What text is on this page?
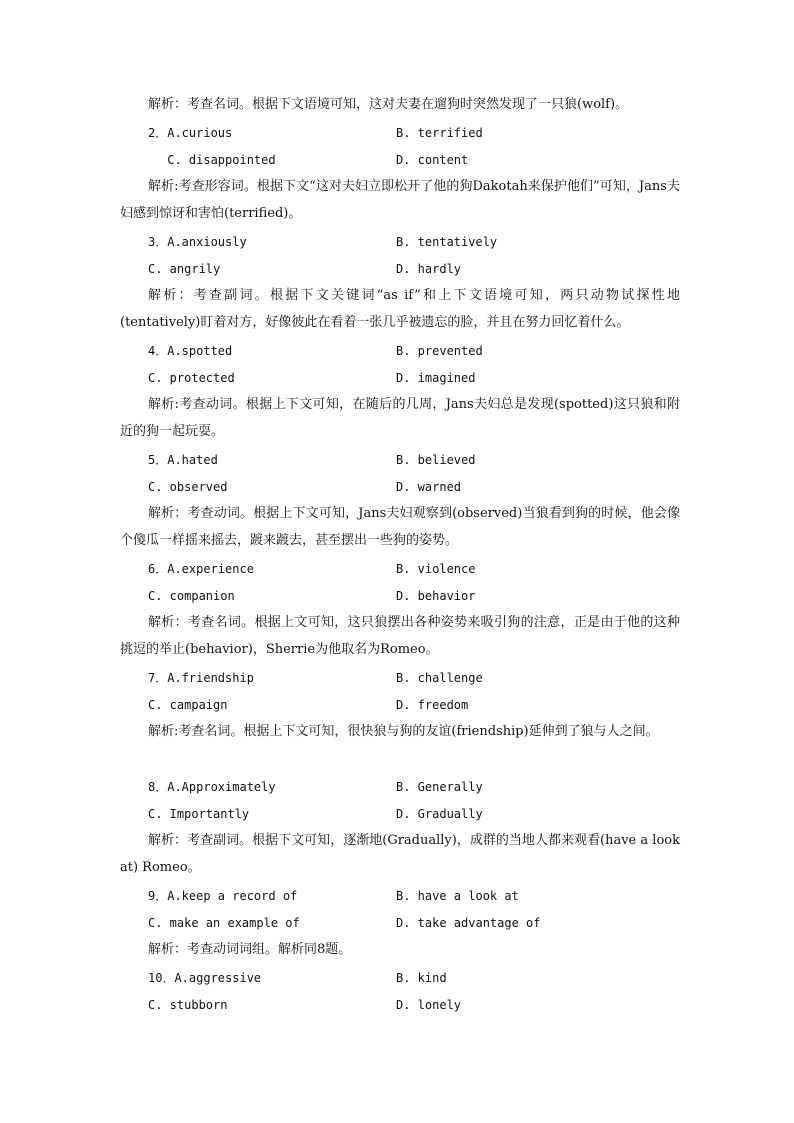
解析：考查名词。根据下文语境可知，这对夫妻在遛狗时突然发现了一只狼(wolf)。
2．A.curious	B. terrified
　 C. disappointed	D. content
解析:考查形容词。根据下文“这对夫妇立即松开了他的狗Dakotah来保护他们”可知，Jans夫妇感到惊讶和害怕(terrified)。
3．A.anxiously	B. tentatively
C. angrily	D. hardly
解析：考查副词。根据下文关键词“as if”和上下文语境可知，两只动物试探性地(tentatively)盯着对方，好像彼此在看着一张几乎被遗忘的脸，并且在努力回忆着什么。
4．A.spotted	B. prevented
C. protected	D. imagined
解析:考查动词。根据上下文可知，在随后的几周，Jans夫妇总是发现(spotted)这只狼和附近的狗一起玩耍。
5．A.hated	B. believed
C. observed	D. warned
解析：考查动词。根据上下文可知，Jans夫妇观察到(observed)当狼看到狗的时候，他会像个傻瓜一样摇来摇去，踱来踱去，甚至摆出一些狗的姿势。
6．A.experience	B. violence
C. companion	D. behavior
解析：考查名词。根据上文可知，这只狼摆出各种姿势来吸引狗的注意，正是由于他的这种挑逗的举止(behavior)，Sherrie为他取名为Romeo。
7．A.friendship	B. challenge
C. campaign	D. freedom
解析:考查名词。根据上下文可知，很快狼与狗的友谊(friendship)延伸到了狼与人之间。
8．A.Approximately	B. Generally
C. Importantly	D. Gradually
解析：考查副词。根据下文可知，逐渐地(Gradually)，成群的当地人都来观看(have a look at) Romeo。
9．A.keep a record of	B. have a look at
C. make an example of	D. take advantage of
解析：考查动词词组。解析同8题。
10．A.aggressive	B. kind
C. stubborn	D. lonely
